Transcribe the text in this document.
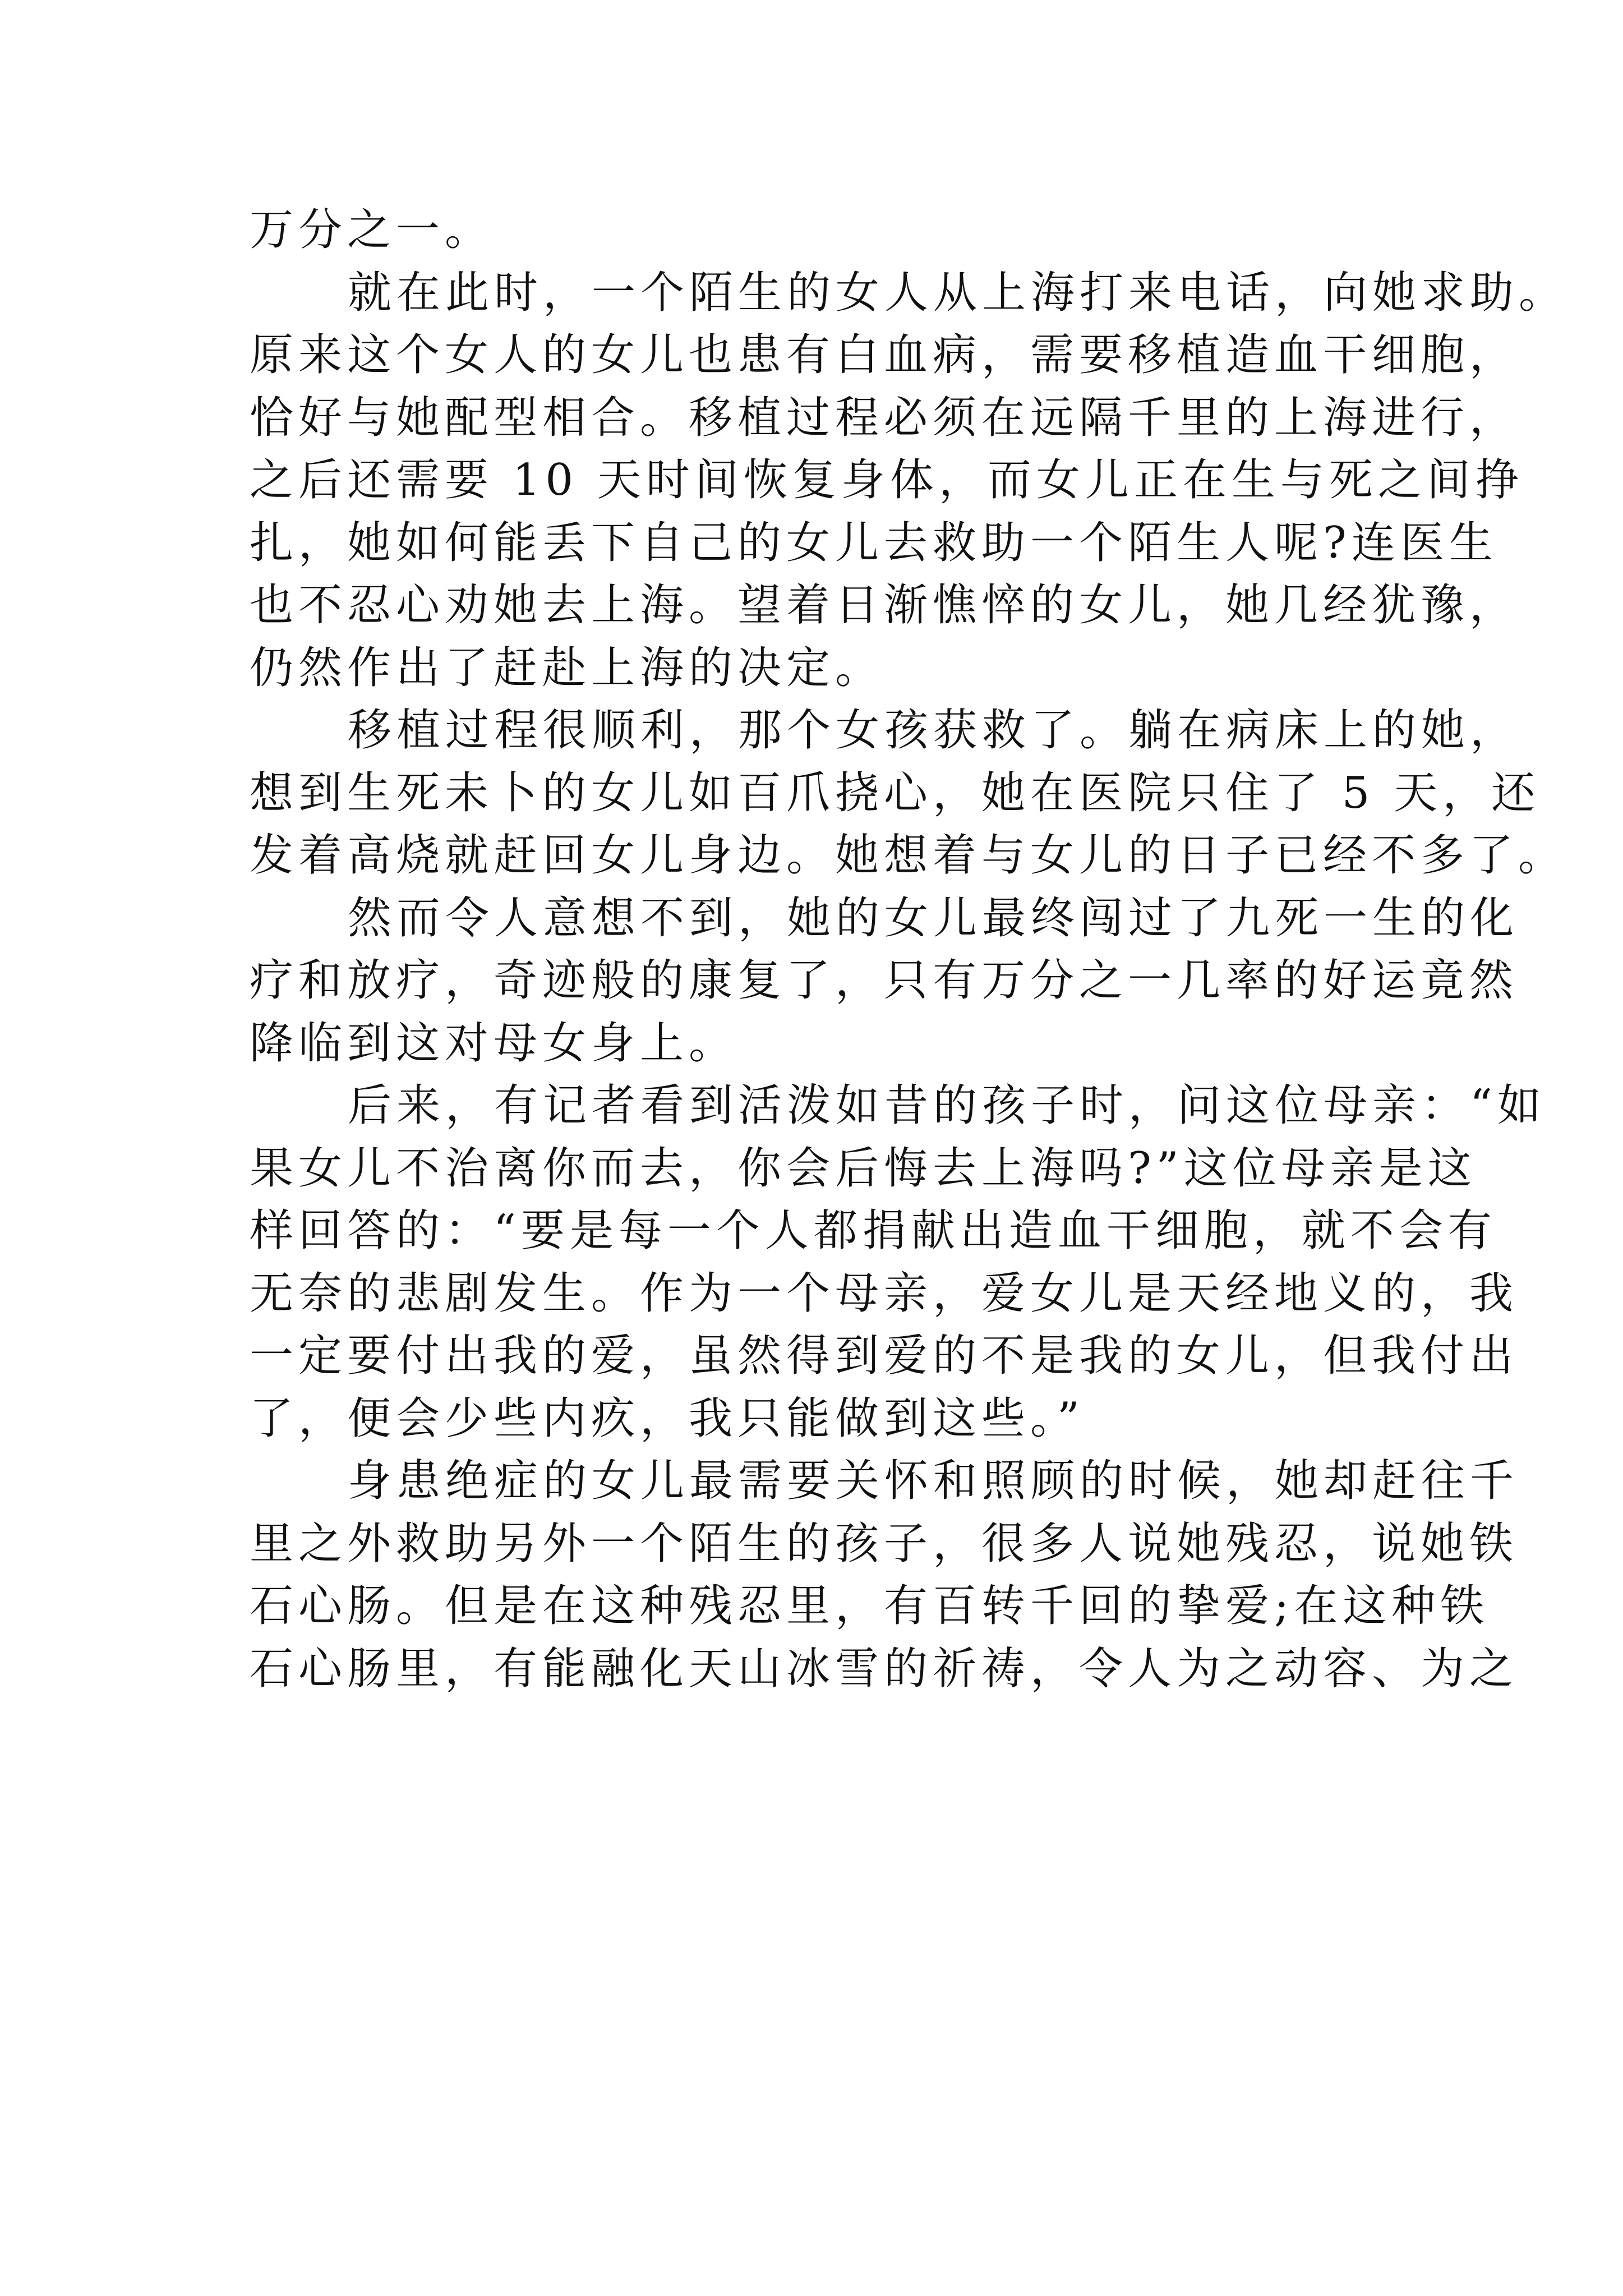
万分之一。
就在此时，一个陌生的女人从上海打来电话，向她求助。
原来这个女人的女儿也患有白血病，需要移植造血干细胞，
恰好与她配型相合。移植过程必须在远隔千里的上海进行，
之后还需要 10 天时间恢复身体，而女儿正在生与死之间挣
扎，她如何能丢下自己的女儿去救助一个陌生人呢?连医生
也不忍心劝她去上海。望着日渐憔悴的女儿，她几经犹豫，
仍然作出了赶赴上海的决定。
移植过程很顺利，那个女孩获救了。躺在病床上的她，
想到生死未卜的女儿如百爪挠心，她在医院只住了 5 天，还
发着高烧就赶回女儿身边。她想着与女儿的日子已经不多了。
然而令人意想不到，她的女儿最终闯过了九死一生的化
疗和放疗，奇迹般的康复了，只有万分之一几率的好运竟然
降临到这对母女身上。
后来，有记者看到活泼如昔的孩子时，问这位母亲：“如
果女儿不治离你而去，你会后悔去上海吗?”这位母亲是这
样回答的：“要是每一个人都捐献出造血干细胞，就不会有
无奈的悲剧发生。作为一个母亲，爱女儿是天经地义的，我
一定要付出我的爱，虽然得到爱的不是我的女儿，但我付出
了，便会少些内疚，我只能做到这些。”
身患绝症的女儿最需要关怀和照顾的时候，她却赶往千
里之外救助另外一个陌生的孩子，很多人说她残忍，说她铁
石心肠。但是在这种残忍里，有百转千回的挚爱;在这种铁
石心肠里，有能融化天山冰雪的祈祷，令人为之动容、为之
